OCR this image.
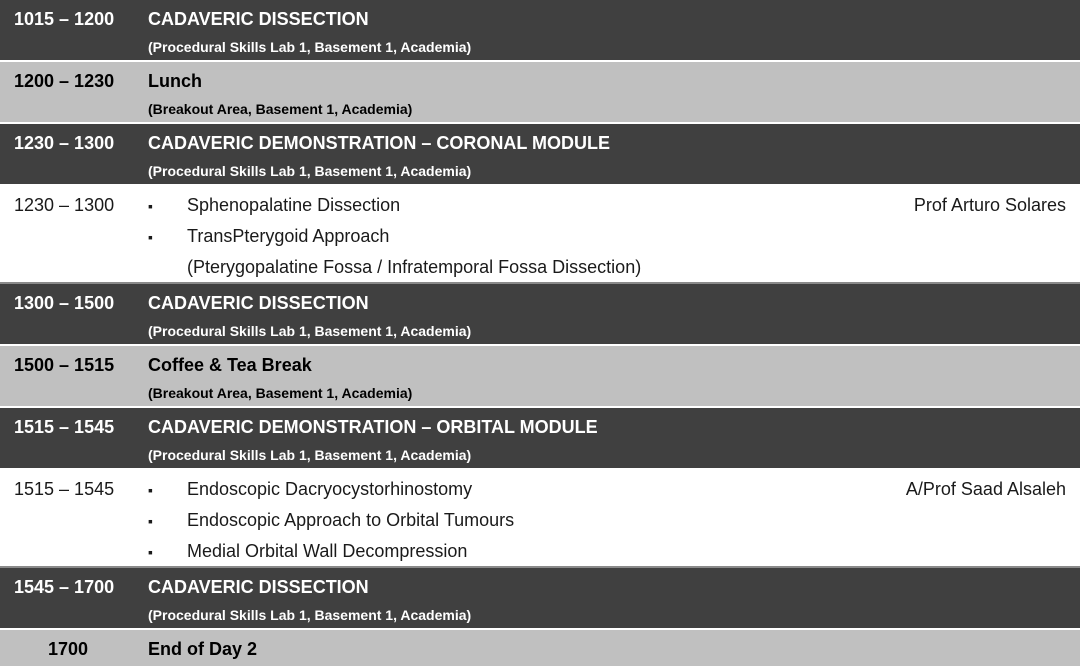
1015 – 1200 CADAVERIC DISSECTION
(Procedural Skills Lab 1, Basement 1, Academia)
1200 – 1230 Lunch
(Breakout Area, Basement 1, Academia)
1230 – 1300 CADAVERIC DEMONSTRATION – CORONAL MODULE
(Procedural Skills Lab 1, Basement 1, Academia)
1230 – 1300 ▪ Sphenopalatine Dissection
▪ TransPterygoid Approach
(Pterygopalatine Fossa / Infratemporal Fossa Dissection)
Prof Arturo Solares
1300 – 1500 CADAVERIC DISSECTION
(Procedural Skills Lab 1, Basement 1, Academia)
1500 – 1515 Coffee & Tea Break
(Breakout Area, Basement 1, Academia)
1515 – 1545 CADAVERIC DEMONSTRATION – ORBITAL MODULE
(Procedural Skills Lab 1, Basement 1, Academia)
1515 – 1545 ▪ Endoscopic Dacryocystorhinostomy
▪ Endoscopic Approach to Orbital Tumours
▪ Medial Orbital Wall Decompression
A/Prof Saad Alsaleh
1545 – 1700 CADAVERIC DISSECTION
(Procedural Skills Lab 1, Basement 1, Academia)
1700	End of Day 2
